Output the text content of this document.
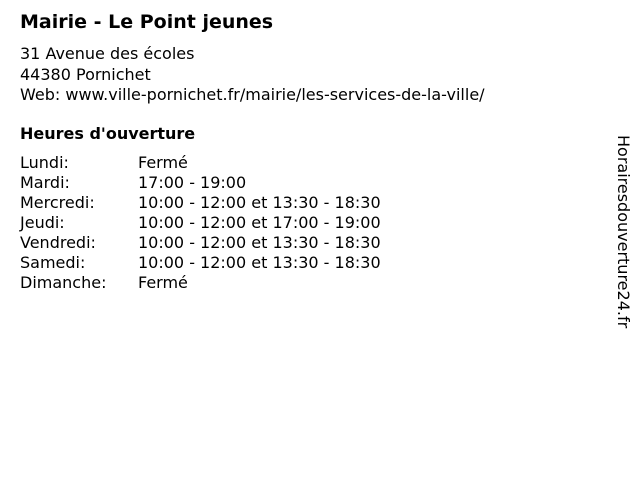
Mairie - Le Point jeunes
31 Avenue des écoles
44380 Pornichet
Web: www.ville-pornichet.fr/mairie/les-services-de-la-ville/
Heures d'ouverture
Lundi:	Fermé
Mardi:	17:00 - 19:00
Mercredi:	10:00 - 12:00 et 13:30 - 18:30
Jeudi:	10:00 - 12:00 et 17:00 - 19:00
Vendredi:	10:00 - 12:00 et 13:30 - 18:30
Samedi:	10:00 - 12:00 et 13:30 - 18:30
Dimanche:	Fermé	Horairesdouverture24.fr
